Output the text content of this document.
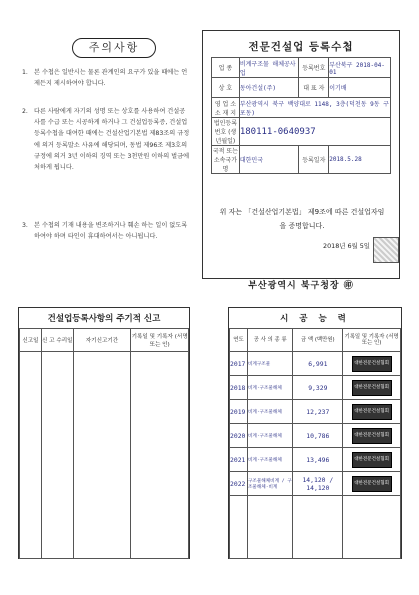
주의사항
1. 본 수첩은 일반시는 물론 관계인의 요구가 있을 때에는 언제든지 제시하여야 합니다.
2. 다른 사람에게 자기의 성명 또는 상호를 사용하여 건설공사를 수급 또는 시공하게 하거나 그 건설업등록증, 건설업등록수첩을 대여한 때에는 건설산업기본법 제83조의 규정에 의거 등록말소 사유에 해당되며, 동법 제96조 제3호의 규정에 의거 3년 이하의 징역 또는 3천만원 이하의 벌금에 처하게 됩니다.
3. 본 수첩의 기재 내용을 변조하거나 훼손 하는 일이 없도록 하여야 하며 타인이 휴대하여서는 아니됩니다.
전문건설업 등록수첩
업 종	비계구조물 해체공사업	등록번호	부산북구 2018-04-01
상 호	동아건설(주)	대 표 자	이기배
영 업 소 소 재 지	부산광역시 북구 백양대로 1148, 3층(덕천동 9동 구포동)		
법인등록번호 (생년월일)	180111-0640937		
국적 또는 소속국가명	대한민국	등록일자	2018.5.28
위 자는 「건설산업기본법」 제9조에 따른 건설업자임을 증명합니다.
2018년 6월 5일
부산광역시 북구청장 ㊞
건설업등록사항의 주기적 신고
신고일	신 고 수리일	자기신고기간	기록일 및 기록자 (서명 또는 인)

시 공 능 력
연도	공 사 의 종 류	금 액 (백만원)	기록일 및 기록자 (서명 또는 인)
2017	비계구조물	6,991	대한전문건설협회
2018	비계·구조물해체	9,329	대한전문건설협회
2019	비계·구조물해체	12,237	대한전문건설협회
2020	비계·구조물해체	10,786	대한전문건설협회
2021	비계·구조물해체	13,496	대한전문건설협회
2022	구조물해체비계 / 구조물해체·비계	14,120 / 14,120	대한전문건설협회
